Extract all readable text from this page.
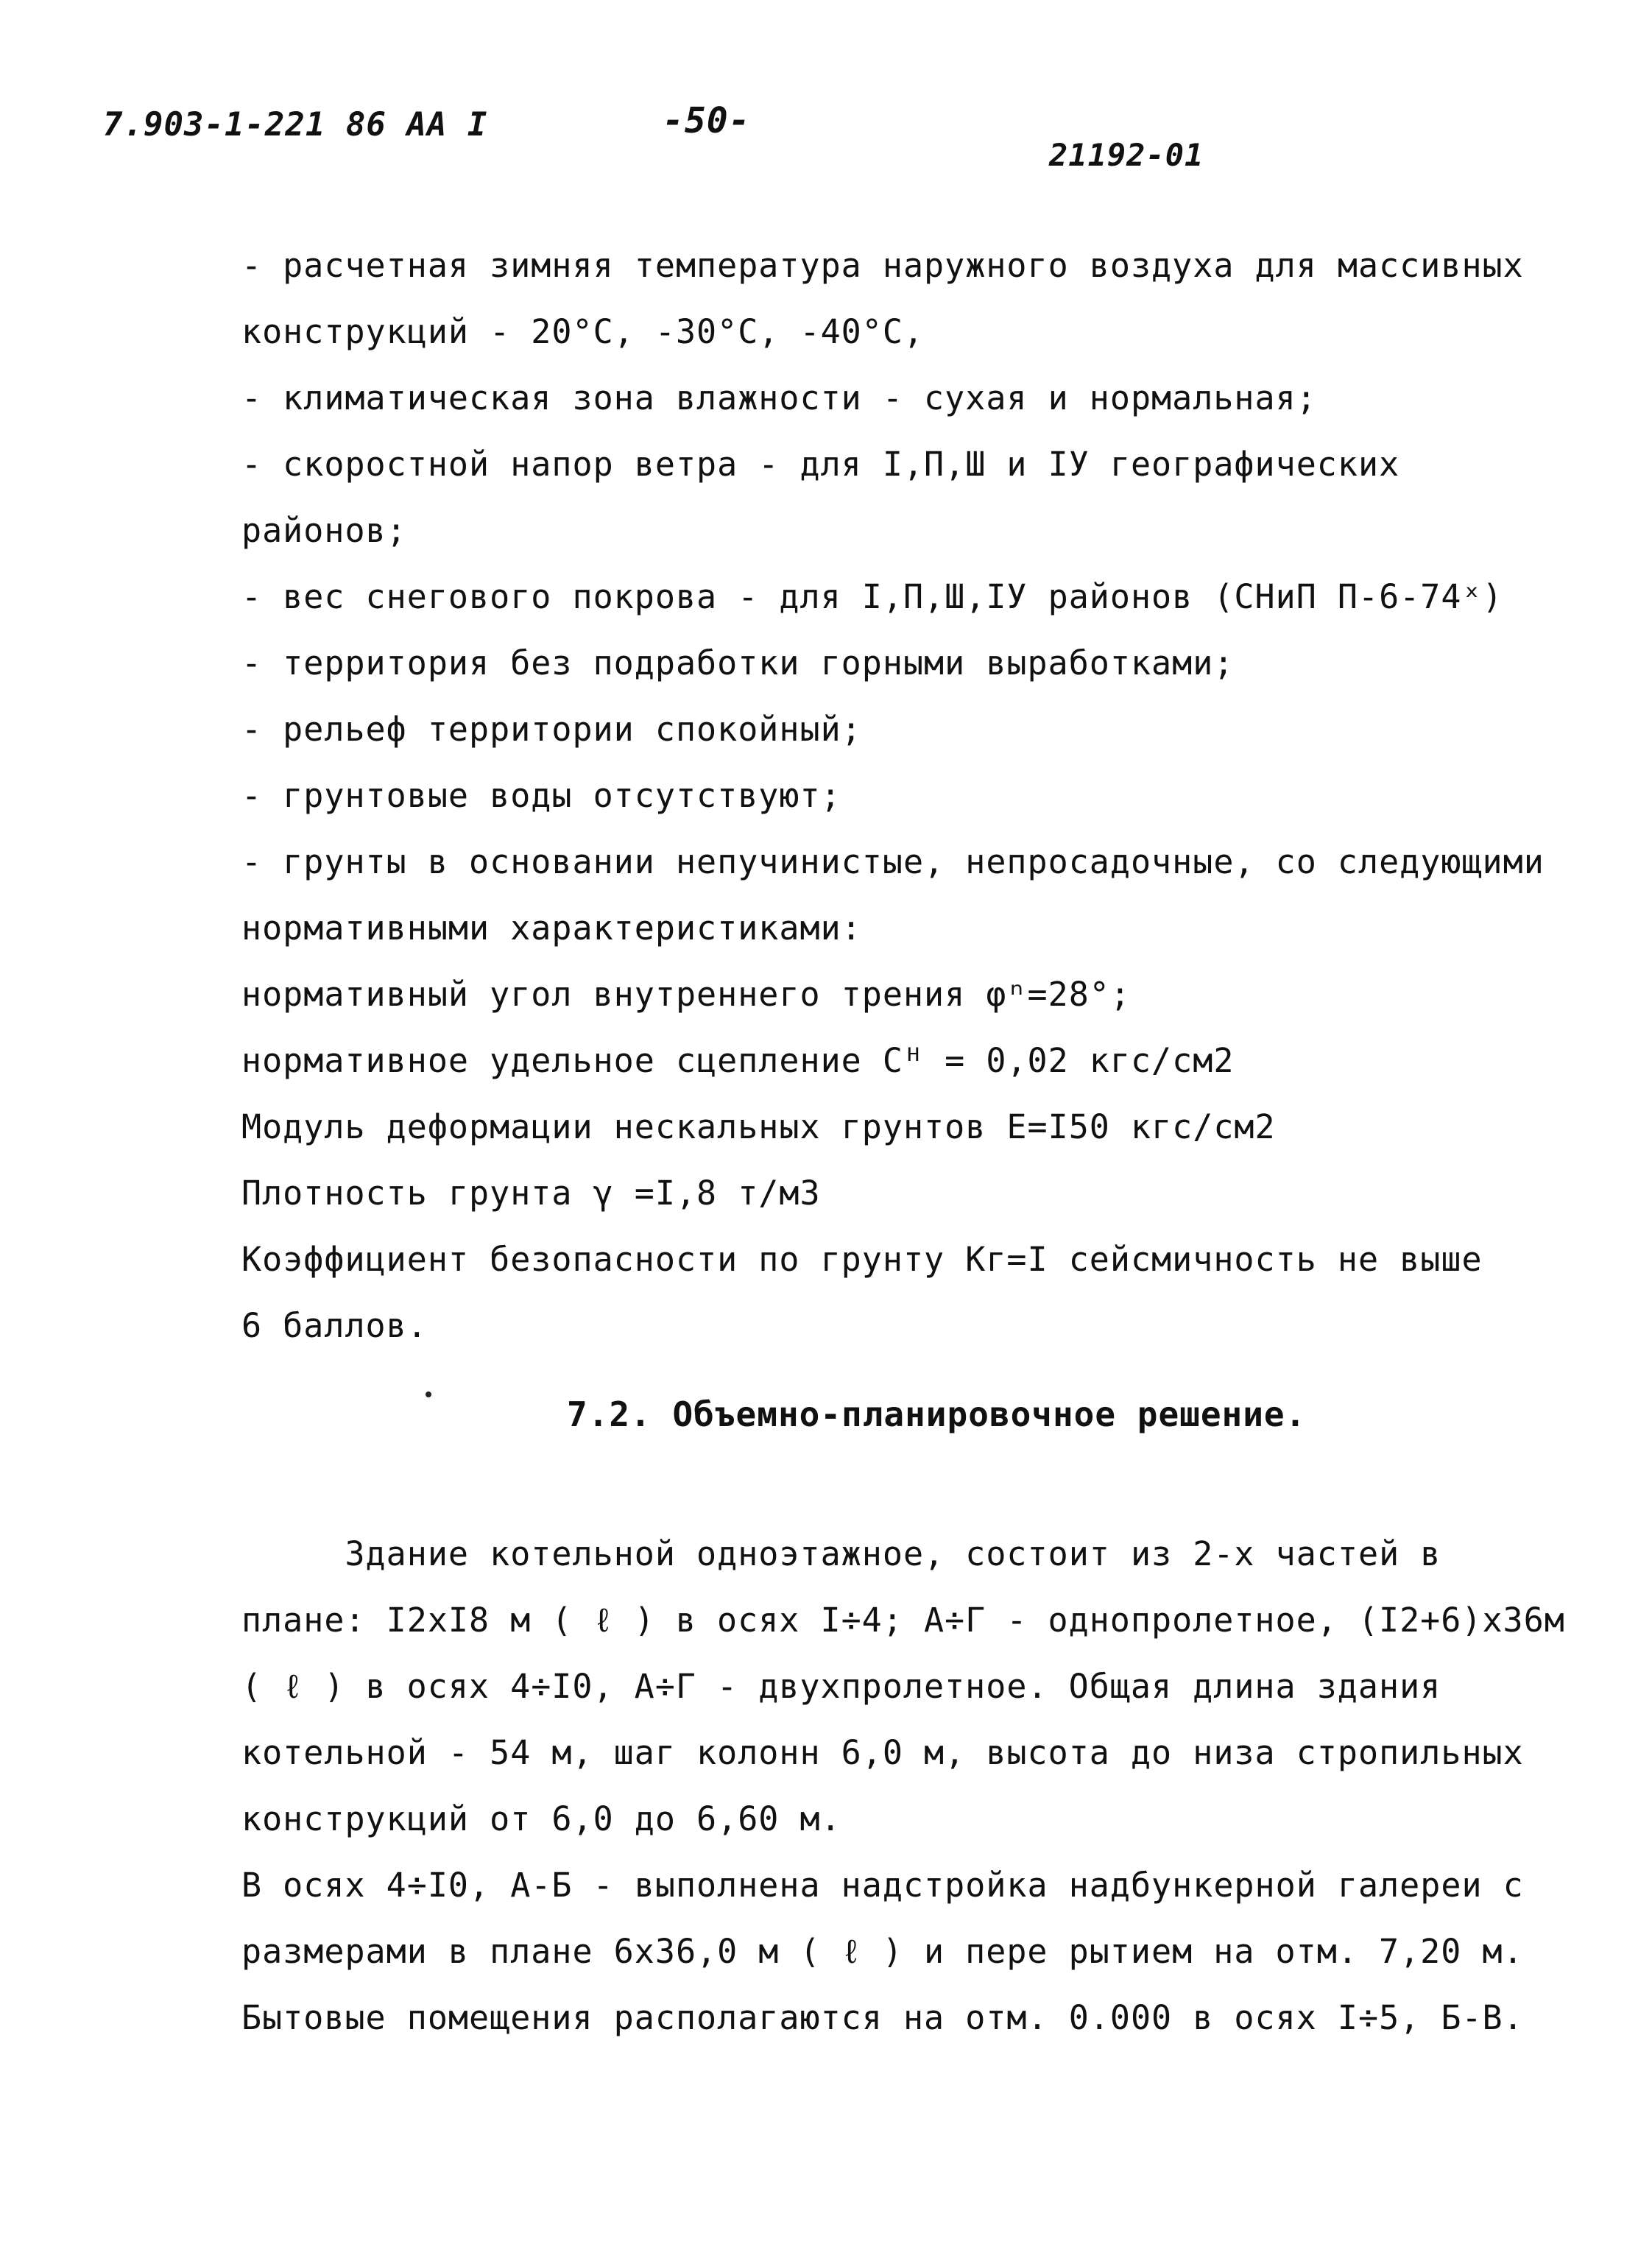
7.903-1-221 86 АА I	-50-
21192-01
- расчетная зимняя температура наружного воздуха для массивных
конструкций - 20°С, -30°С, -40°С,
- климатическая зона влажности - сухая и нормальная;
- скоростной напор ветра - для I,П,Ш и IУ географических
районов;
- вес снегового покрова - для I,П,Ш,IУ районов (СНиП П-6-74ˣ)
- территория без подработки горными выработками;
- рельеф территории спокойный;
- грунтовые воды отсутствуют;
- грунты в основании непучинистые, непросадочные, со следующими
нормативными характеристиками:
нормативный угол внутреннего трения φⁿ=28°;
нормативное удельное сцепление Сᴴ = 0,02 кгс/см2
Модуль деформации нескальных грунтов Е=I50 кгс/см2
Плотность грунта γ =I,8 т/м3
Коэффициент безопасности по грунту Кг=I сейсмичность не выше
6 баллов.
7.2. Объемно-планировочное решение.
Здание котельной одноэтажное, состоит из 2-х частей в
плане: I2xI8 м ( ℓ ) в осях I÷4; А÷Г - однопролетное, (I2+6)x36м
( ℓ ) в осях 4÷I0, А÷Г - двухпролетное. Общая длина здания
котельной - 54 м, шаг колонн 6,0 м, высота до низа стропильных
конструкций от 6,0 до 6,60 м.
В осях 4÷I0, А-Б - выполнена надстройка надбункерной галереи с
размерами в плане 6x36,0 м ( ℓ ) и пере рытием на отм. 7,20 м.
Бытовые помещения располагаются на отм. 0.000 в осях I÷5, Б-В.
